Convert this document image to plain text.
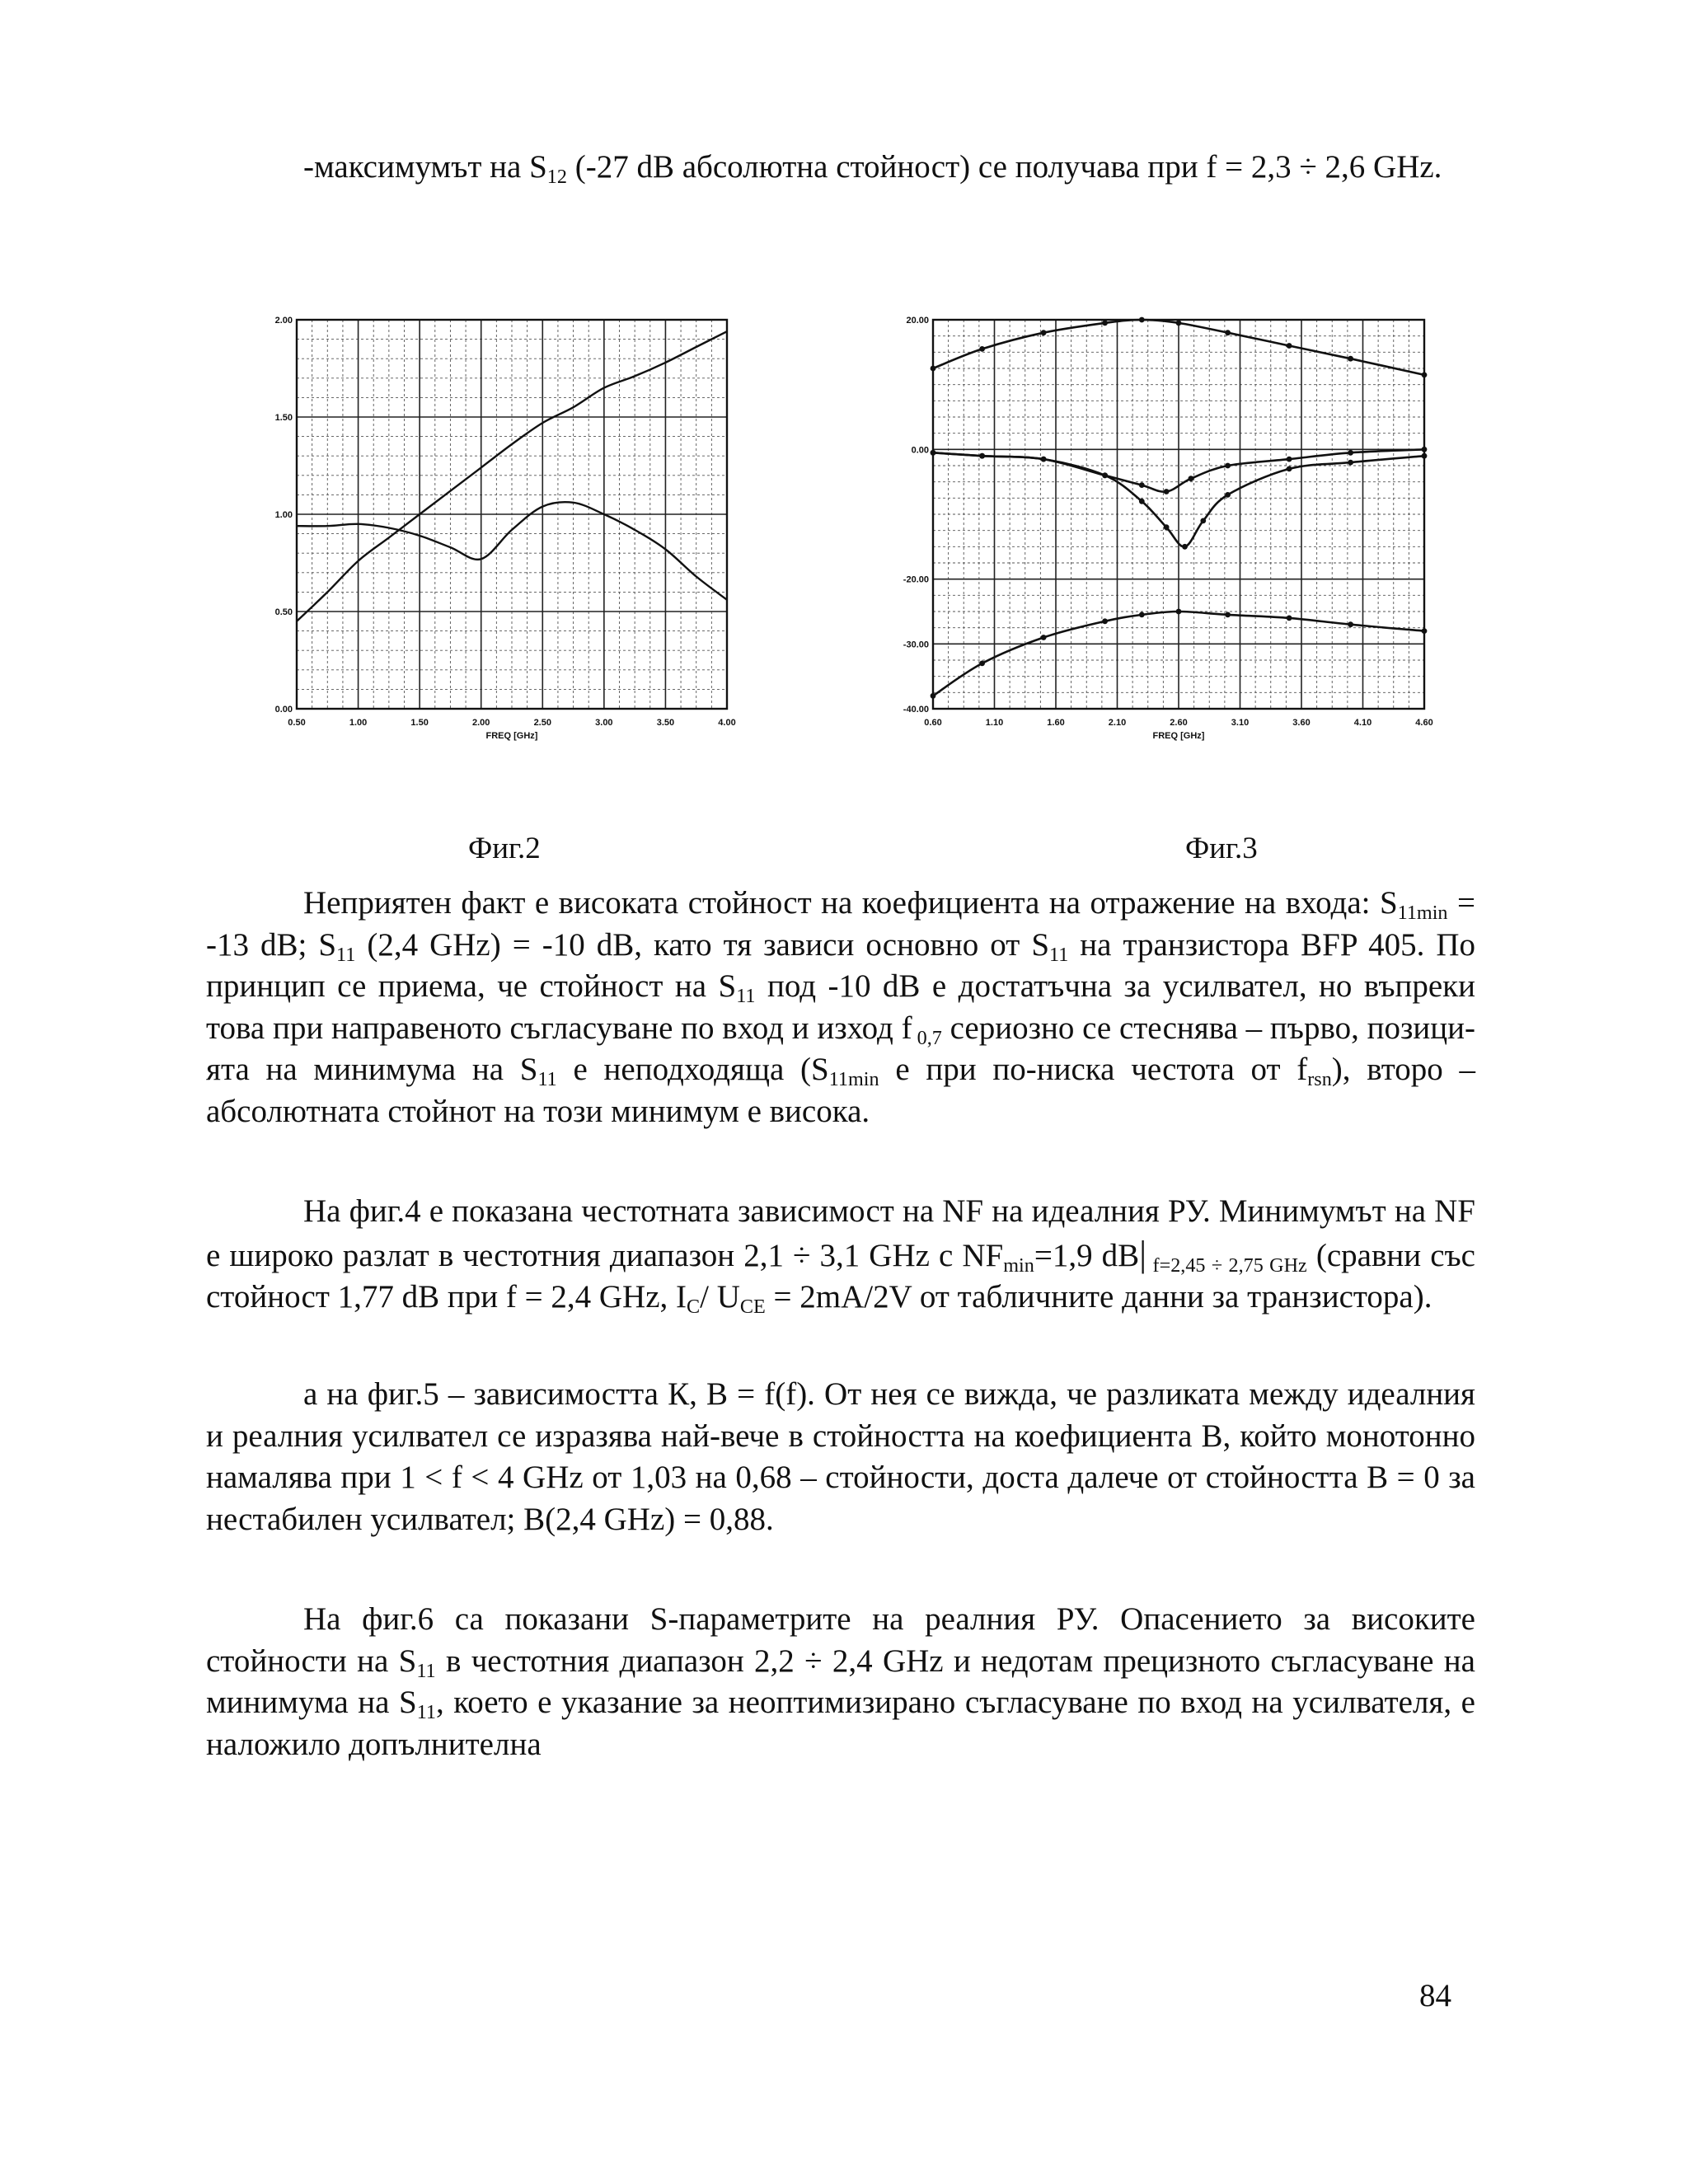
-максимумът на $S_{12}$ (-27 dB абсолютна стойност) се получава при f = 2,3 ÷ 2,6 GHz.

0.50	1.00	1.50	2.00	2.50	3.00	3.50	4.00
0.00
0.50
1.00
1.50
2.00
FREQ [GHz]
Фиг.2
0.60	1.10	1.60	2.10	2.60	3.10	3.60	4.10	4.60
-40.00
-30.00
-20.00
0.00
20.00
FREQ [GHz]
Фиг.3

Неприятен факт е високата стойност на коефициента на отражение на входа: $S_{11min} = -13$ dB; $S_{11}$ (2,4 GHz) = -10 dB, като тя зависи основно от $S_{11}$ на транзистора BFP 405. По принцип се приема, че стойност на $S_{11}$ под -10 dB е достатъчна за усилвател, но въпреки това при направеното съгласуване по вход и изход f $_{0,7}$ сериозно се стеснява – първо, позици-ята на минимума на $S_{11}$ е неподходяща ($S_{11min}$ е при по-ниска честота от $f_{rsn}$), второ – абсолютната стойнот на този минимум е висока.

На фиг.4 е показана честотната зависимост на NF на идеалния РУ. Минимумът на NF е широко разлат в честотния диапазон 2,1 ÷ 3,1 GHz с $NF_{min}=1,9$ dB| $_{f=2,45 \div 2,75 GHz}$ (сравни със стойност 1,77 dB при f = 2,4 GHz, $I_C/$ $U_{CE} = 2mA/2V$ от табличните данни за транзистора).

а на фиг.5 – зависимостта К, В = f(f). От нея се вижда, че разликата между идеалния и реалния усилвател се изразява най-вече в стойността на коефициента В, който монотонно намалява при 1 < f < 4 GHz от 1,03 на 0,68 – стойности, доста далече от стойността В = 0 за нестабилен усилвател; В(2,4 GHz) = 0,88.

На фиг.6 са показани S-параметрите на реалния РУ. Опасението за високите стойности на $S_{11}$ в честотния диапазон 2,2 ÷ 2,4 GHz и недотам прецизното съгласуване на минимума на $S_{11}$, което е указание за неоптимизирано съгласуване по вход на усилвателя, е наложило допълнителна

84
